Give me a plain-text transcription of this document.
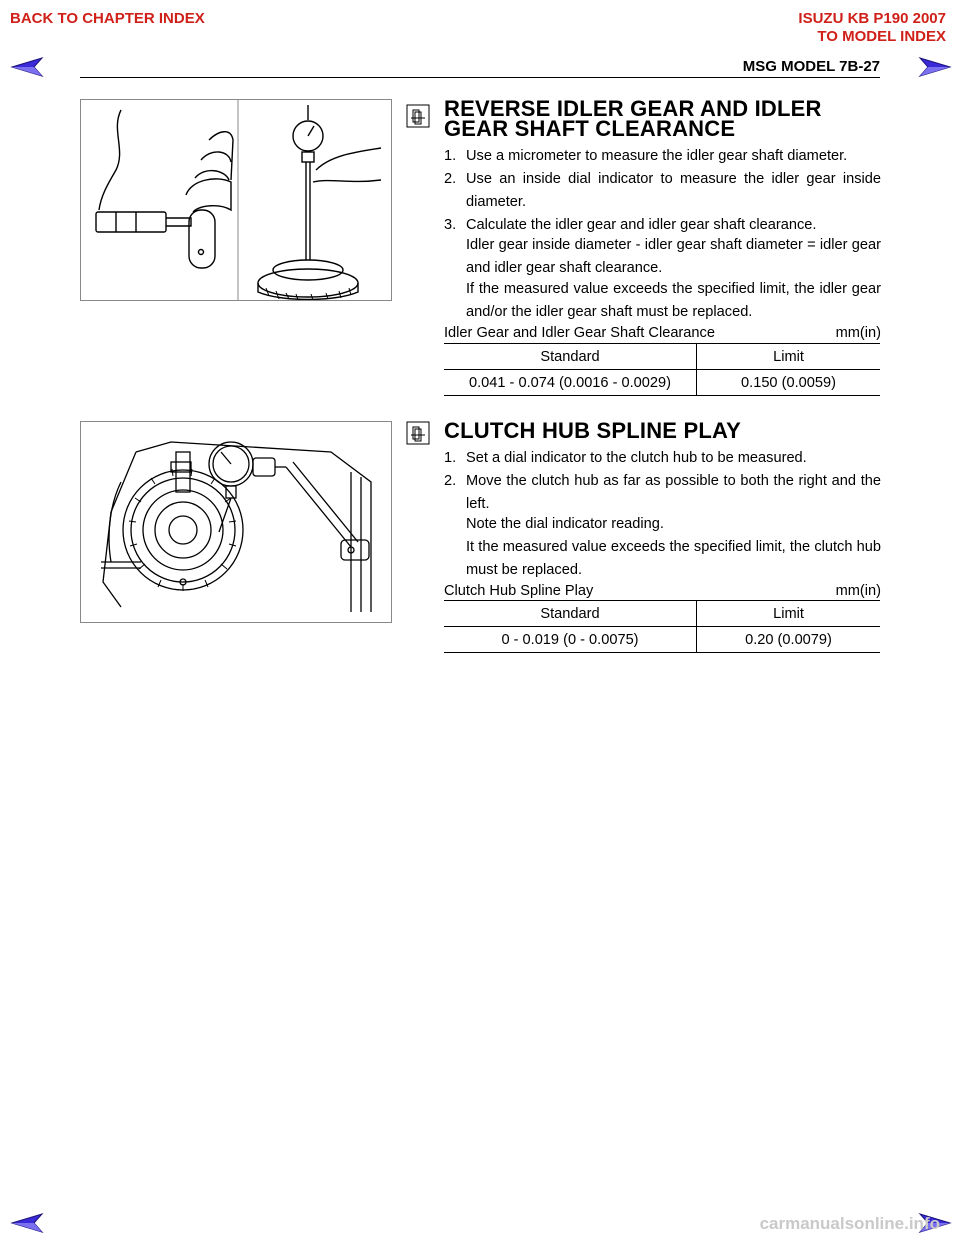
BACK TO CHAPTER INDEX	ISUZU KB P190 2007
TO MODEL INDEX
MSG MODEL 7B-27
REVERSE IDLER GEAR AND IDLER
GEAR SHAFT CLEARANCE
1. Use a micrometer to measure the idler gear shaft diameter.
2. Use an inside dial indicator to measure the idler gear inside diameter.
3. Calculate the idler gear and idler gear shaft clearance.
Idler gear inside diameter - idler gear shaft diameter = idler gear and idler gear shaft clearance.
If the measured value exceeds the specified limit, the idler gear and/or the idler gear shaft must be replaced.
Idler Gear and Idler Gear Shaft Clearance	mm(in)
Standard	Limit
0.041 - 0.074 (0.0016 - 0.0029)	0.150 (0.0059)
CLUTCH HUB SPLINE PLAY
1. Set a dial indicator to the clutch hub to be measured.
2. Move the clutch hub as far as possible to both the right and the left.
Note the dial indicator reading.
It the measured value exceeds the specified limit, the clutch hub must be replaced.
Clutch Hub Spline Play	mm(in)
Standard	Limit
0 - 0.019 (0 - 0.0075)	0.20 (0.0079)
carmanualsonline.info
